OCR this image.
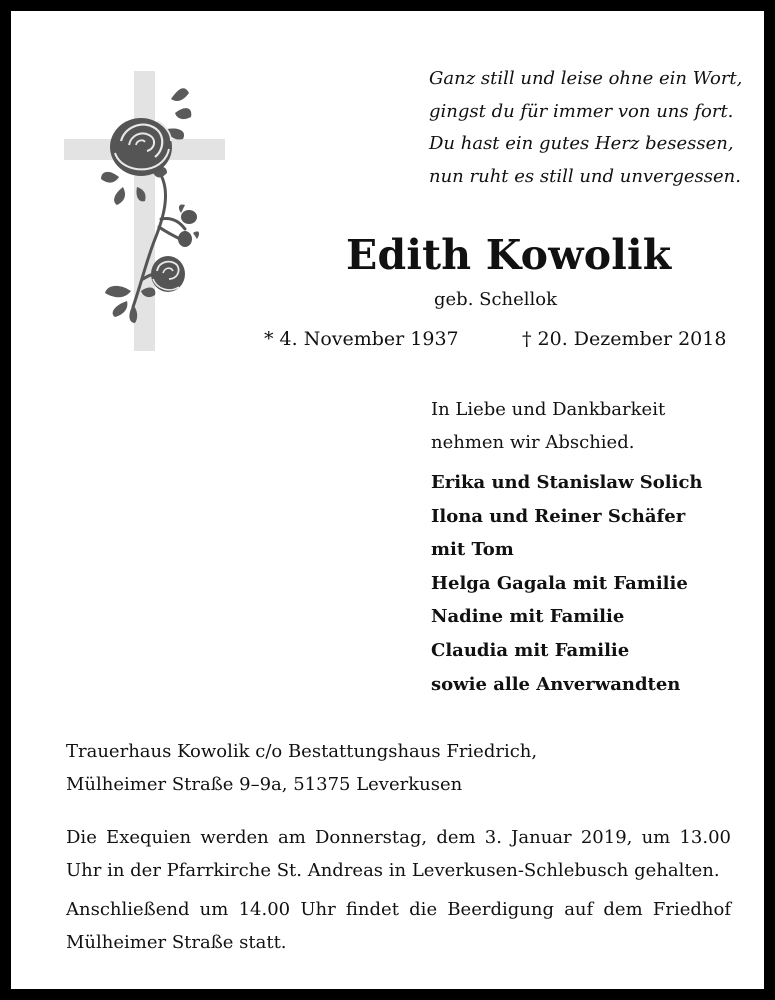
Ganz still und leise ohne ein Wort,
gingst du für immer von uns fort.
Du hast ein gutes Herz besessen,
nun ruht es still und unvergessen.
Edith Kowolik
geb. Schellok
* 4. November 1937	† 20. Dezember 2018
In Liebe und Dankbarkeit
nehmen wir Abschied.
Erika und Stanislaw Solich
Ilona und Reiner Schäfer
mit Tom
Helga Gagala mit Familie
Nadine mit Familie
Claudia mit Familie
sowie alle Anverwandten
Trauerhaus Kowolik c/o Bestattungshaus Friedrich,
Mülheimer Straße 9–9a, 51375 Leverkusen
Die Exequien werden am Donnerstag, dem 3. Januar 2019, um 13.00 Uhr in der Pfarrkirche St. Andreas in Leverkusen-Schlebusch gehalten.
Anschließend um 14.00 Uhr findet die Beerdigung auf dem Friedhof Mülheimer Straße statt.
